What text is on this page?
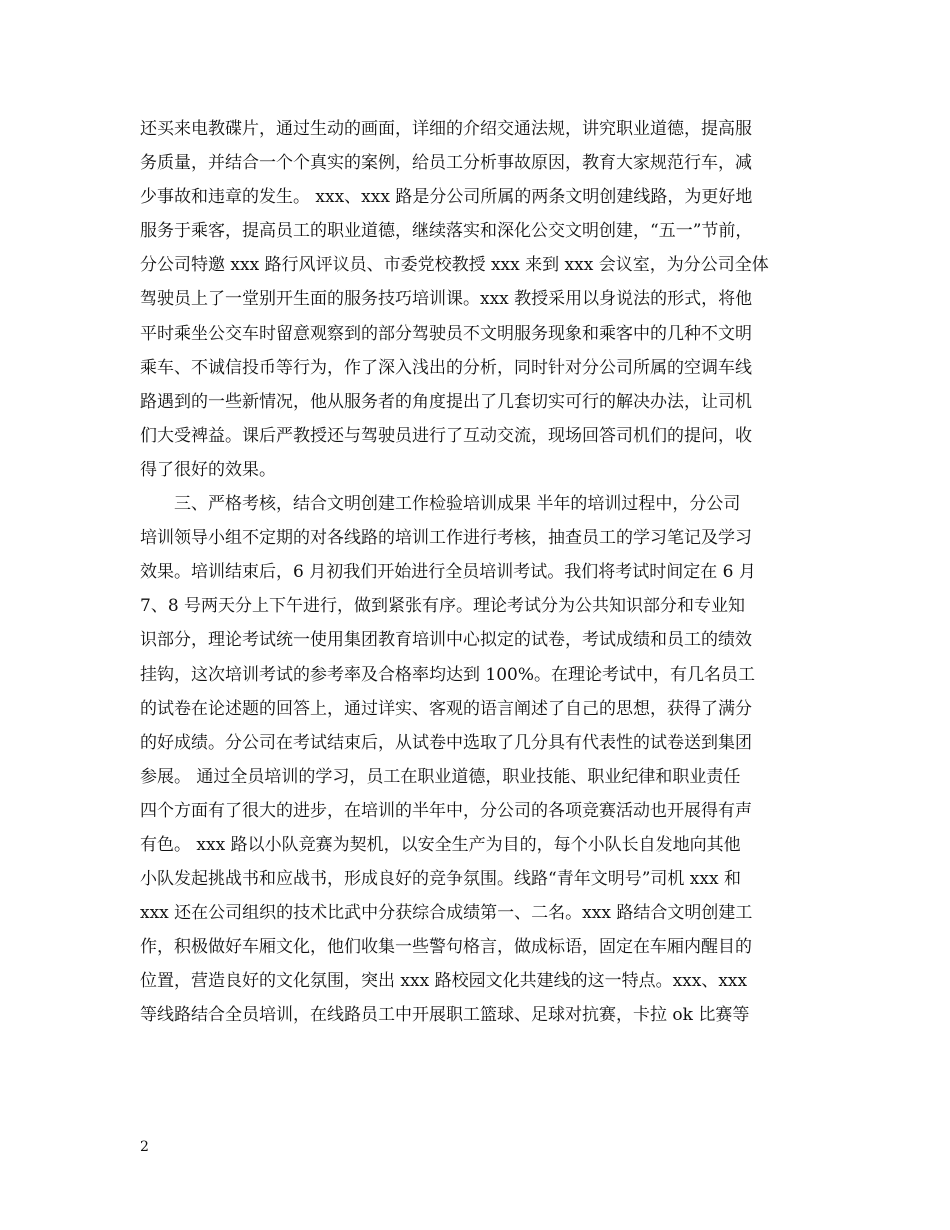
还买来电教碟片，通过生动的画面，详细的介绍交通法规，讲究职业道德，提高服
务质量，并结合一个个真实的案例，给员工分析事故原因，教育大家规范行车，减
少事故和违章的发生。 xxx、xxx 路是分公司所属的两条文明创建线路，为更好地
服务于乘客，提高员工的职业道德，继续落实和深化公交文明创建，“五一”节前，
分公司特邀 xxx 路行风评议员、市委党校教授 xxx 来到 xxx 会议室，为分公司全体
驾驶员上了一堂别开生面的服务技巧培训课。xxx 教授采用以身说法的形式，将他
平时乘坐公交车时留意观察到的部分驾驶员不文明服务现象和乘客中的几种不文明
乘车、不诚信投币等行为，作了深入浅出的分析，同时针对分公司所属的空调车线
路遇到的一些新情况，他从服务者的角度提出了几套切实可行的解决办法，让司机
们大受裨益。课后严教授还与驾驶员进行了互动交流，现场回答司机们的提问，收
得了很好的效果。
　　三、严格考核，结合文明创建工作检验培训成果 半年的培训过程中，分公司
培训领导小组不定期的对各线路的培训工作进行考核，抽查员工的学习笔记及学习
效果。培训结束后，6 月初我们开始进行全员培训考试。我们将考试时间定在 6 月
7、8 号两天分上下午进行，做到紧张有序。理论考试分为公共知识部分和专业知
识部分，理论考试统一使用集团教育培训中心拟定的试卷，考试成绩和员工的绩效
挂钩，这次培训考试的参考率及合格率均达到 100%。在理论考试中，有几名员工
的试卷在论述题的回答上，通过详实、客观的语言阐述了自己的思想，获得了满分
的好成绩。分公司在考试结束后，从试卷中选取了几分具有代表性的试卷送到集团
参展。 通过全员培训的学习，员工在职业道德，职业技能、职业纪律和职业责任
四个方面有了很大的进步，在培训的半年中，分公司的各项竞赛活动也开展得有声
有色。 xxx 路以小队竞赛为契机，以安全生产为目的，每个小队长自发地向其他
小队发起挑战书和应战书，形成良好的竞争氛围。线路“青年文明号”司机 xxx 和
xxx 还在公司组织的技术比武中分获综合成绩第一、二名。xxx 路结合文明创建工
作，积极做好车厢文化，他们收集一些警句格言，做成标语，固定在车厢内醒目的
位置，营造良好的文化氛围，突出 xxx 路校园文化共建线的这一特点。xxx、xxx
等线路结合全员培训，在线路员工中开展职工篮球、足球对抗赛，卡拉 ok 比赛等
2
